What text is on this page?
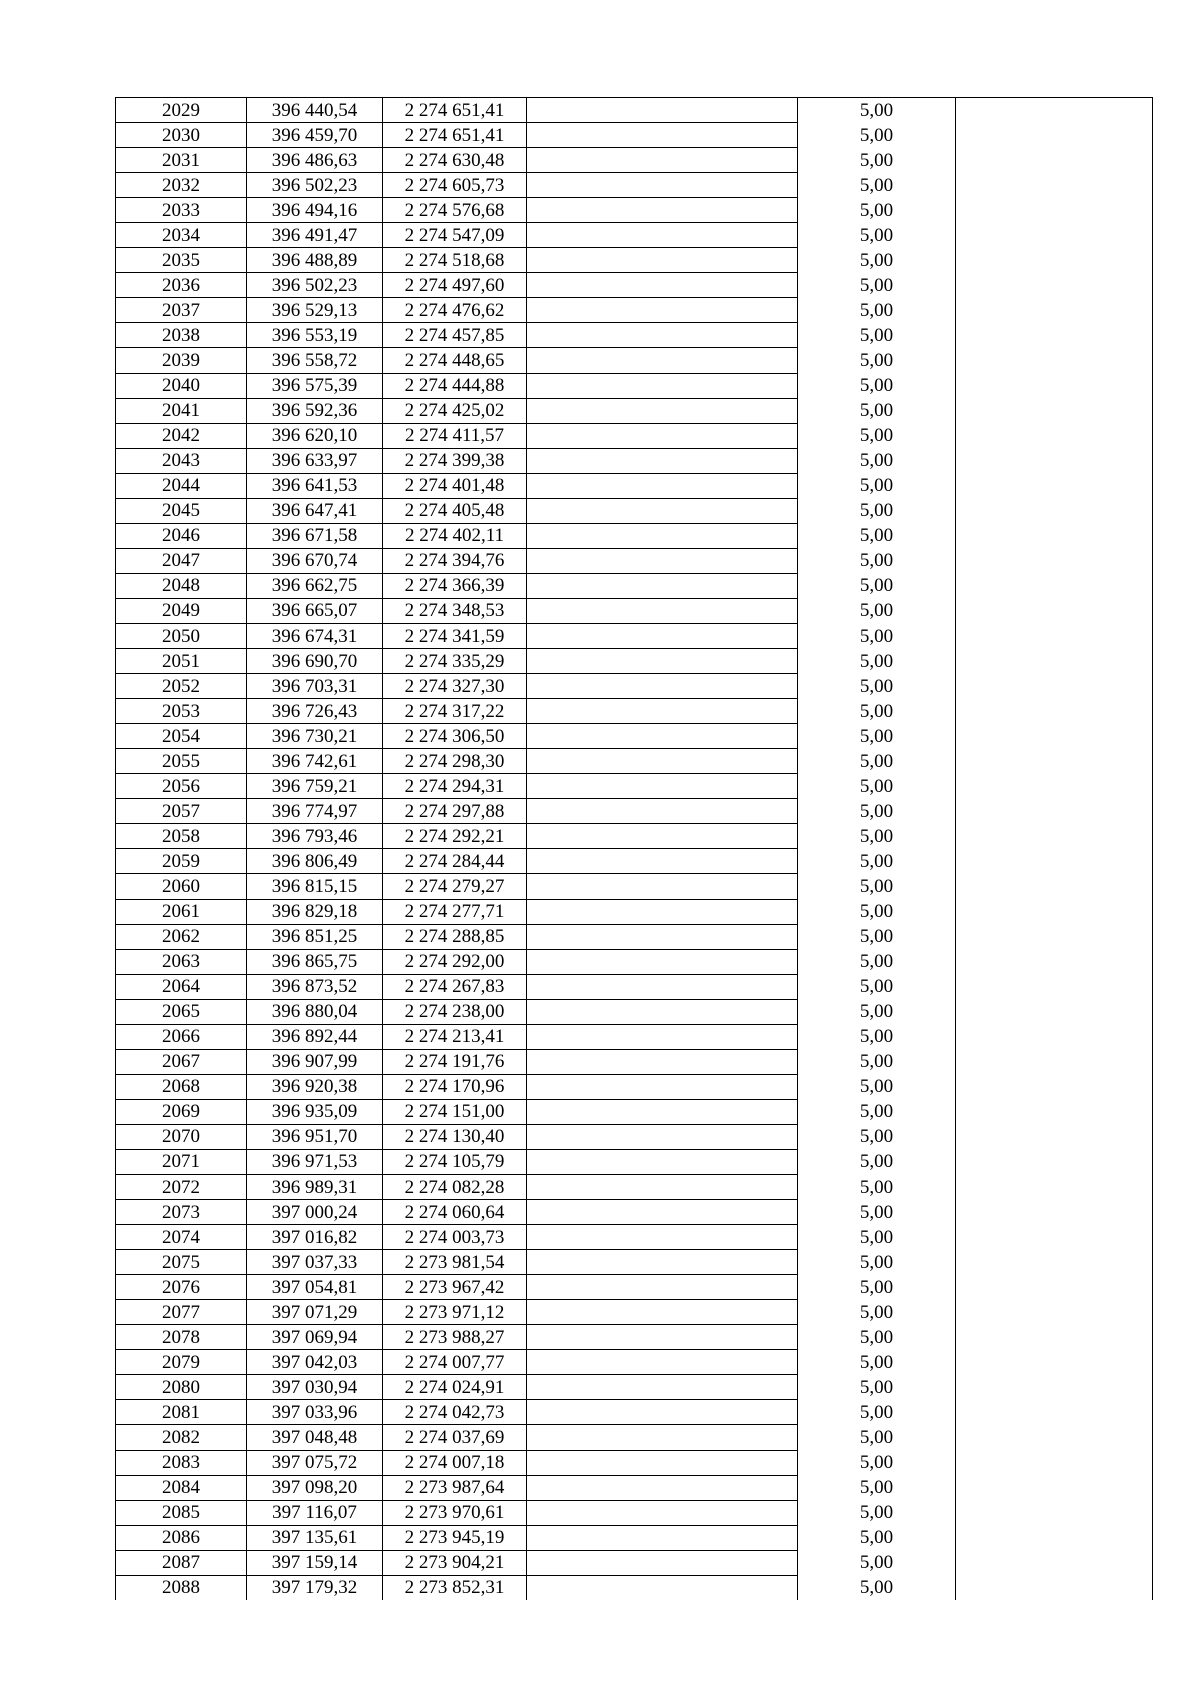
2029	396 440,54	2 274 651,41		5,00	
2030	396 459,70	2 274 651,41		5,00	
2031	396 486,63	2 274 630,48		5,00	
2032	396 502,23	2 274 605,73		5,00	
2033	396 494,16	2 274 576,68		5,00	
2034	396 491,47	2 274 547,09		5,00	
2035	396 488,89	2 274 518,68		5,00	
2036	396 502,23	2 274 497,60		5,00	
2037	396 529,13	2 274 476,62		5,00	
2038	396 553,19	2 274 457,85		5,00	
2039	396 558,72	2 274 448,65		5,00	
2040	396 575,39	2 274 444,88		5,00	
2041	396 592,36	2 274 425,02		5,00	
2042	396 620,10	2 274 411,57		5,00	
2043	396 633,97	2 274 399,38		5,00	
2044	396 641,53	2 274 401,48		5,00	
2045	396 647,41	2 274 405,48		5,00	
2046	396 671,58	2 274 402,11		5,00	
2047	396 670,74	2 274 394,76		5,00	
2048	396 662,75	2 274 366,39		5,00	
2049	396 665,07	2 274 348,53		5,00	
2050	396 674,31	2 274 341,59		5,00	
2051	396 690,70	2 274 335,29		5,00	
2052	396 703,31	2 274 327,30		5,00	
2053	396 726,43	2 274 317,22		5,00	
2054	396 730,21	2 274 306,50		5,00	
2055	396 742,61	2 274 298,30		5,00	
2056	396 759,21	2 274 294,31		5,00	
2057	396 774,97	2 274 297,88		5,00	
2058	396 793,46	2 274 292,21		5,00	
2059	396 806,49	2 274 284,44		5,00	
2060	396 815,15	2 274 279,27		5,00	
2061	396 829,18	2 274 277,71		5,00	
2062	396 851,25	2 274 288,85		5,00	
2063	396 865,75	2 274 292,00		5,00	
2064	396 873,52	2 274 267,83		5,00	
2065	396 880,04	2 274 238,00		5,00	
2066	396 892,44	2 274 213,41		5,00	
2067	396 907,99	2 274 191,76		5,00	
2068	396 920,38	2 274 170,96		5,00	
2069	396 935,09	2 274 151,00		5,00	
2070	396 951,70	2 274 130,40		5,00	
2071	396 971,53	2 274 105,79		5,00	
2072	396 989,31	2 274 082,28		5,00	
2073	397 000,24	2 274 060,64		5,00	
2074	397 016,82	2 274 003,73		5,00	
2075	397 037,33	2 273 981,54		5,00	
2076	397 054,81	2 273 967,42		5,00	
2077	397 071,29	2 273 971,12		5,00	
2078	397 069,94	2 273 988,27		5,00	
2079	397 042,03	2 274 007,77		5,00	
2080	397 030,94	2 274 024,91		5,00	
2081	397 033,96	2 274 042,73		5,00	
2082	397 048,48	2 274 037,69		5,00	
2083	397 075,72	2 274 007,18		5,00	
2084	397 098,20	2 273 987,64		5,00	
2085	397 116,07	2 273 970,61		5,00	
2086	397 135,61	2 273 945,19		5,00	
2087	397 159,14	2 273 904,21		5,00	
2088	397 179,32	2 273 852,31		5,00	
